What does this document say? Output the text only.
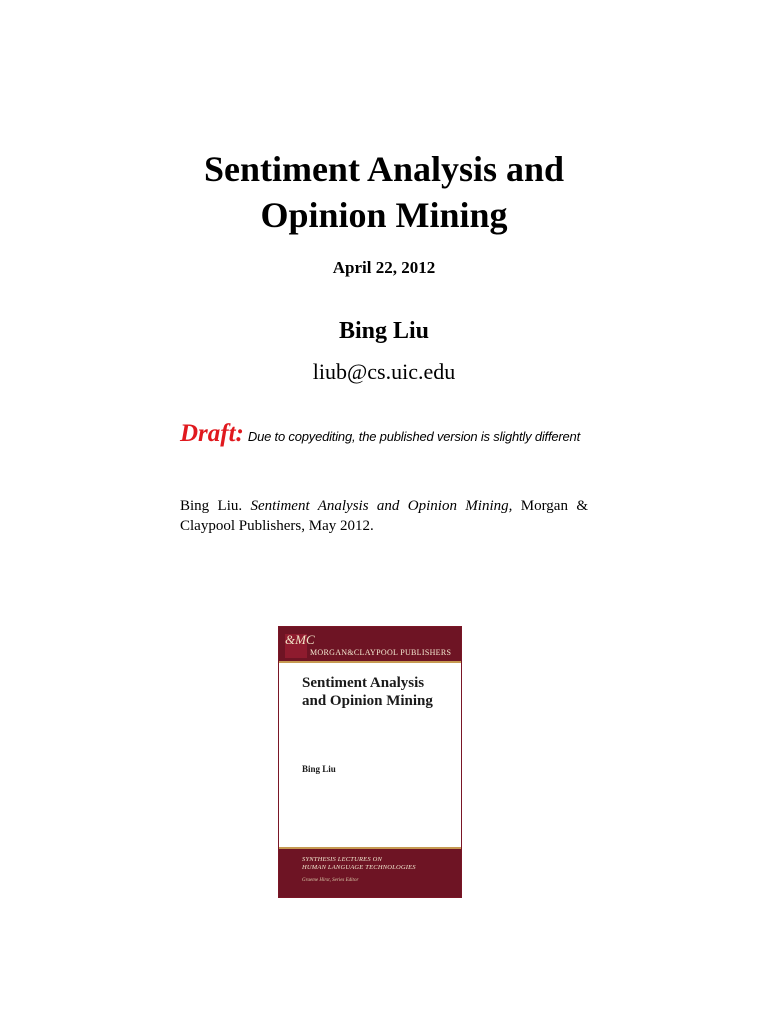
Sentiment Analysis and
Opinion Mining
April 22, 2012
Bing Liu
liub@cs.uic.edu
Draft: Due to copyediting, the published version is slightly different
Bing Liu. Sentiment Analysis and Opinion Mining, Morgan & Claypool Publishers, May 2012.
&MC
MORGAN&CLAYPOOL PUBLISHERS
Sentiment Analysis
and Opinion Mining
Bing Liu
SYNTHESIS LECTURES ON
HUMAN LANGUAGE TECHNOLOGIES
Graeme Hirst, Series Editor
